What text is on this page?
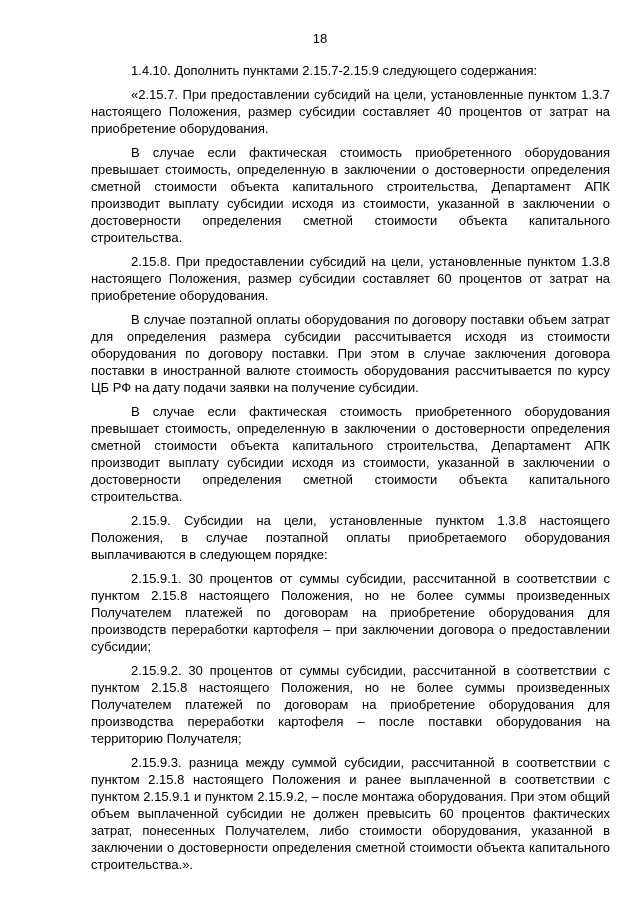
18

1.4.10. Дополнить пунктами 2.15.7-2.15.9 следующего содержания:

«2.15.7. При предоставлении субсидий на цели, установленные пунктом 1.3.7 настоящего Положения, размер субсидии составляет 40 процентов от затрат на приобретение оборудования.

В случае если фактическая стоимость приобретенного оборудования превышает стоимость, определенную в заключении о достоверности определения сметной стоимости объекта капитального строительства, Департамент АПК производит выплату субсидии исходя из стоимости, указанной в заключении о достоверности определения сметной стоимости объекта капитального строительства.

2.15.8. При предоставлении субсидий на цели, установленные пунктом 1.3.8 настоящего Положения, размер субсидии составляет 60 процентов от затрат на приобретение оборудования.

В случае поэтапной оплаты оборудования по договору поставки объем затрат для определения размера субсидии рассчитывается исходя из стоимости оборудования по договору поставки. При этом в случае заключения договора поставки в иностранной валюте стоимость оборудования рассчитывается по курсу ЦБ РФ на дату подачи заявки на получение субсидии.

В случае если фактическая стоимость приобретенного оборудования превышает стоимость, определенную в заключении о достоверности определения сметной стоимости объекта капитального строительства, Департамент АПК производит выплату субсидии исходя из стоимости, указанной в заключении о достоверности определения сметной стоимости объекта капитального строительства.

2.15.9. Субсидии на цели, установленные пунктом 1.3.8 настоящего Положения, в случае поэтапной оплаты приобретаемого оборудования выплачиваются в следующем порядке:

2.15.9.1. 30 процентов от суммы субсидии, рассчитанной в соответствии с пунктом 2.15.8 настоящего Положения, но не более суммы произведенных Получателем платежей по договорам на приобретение оборудования для производств переработки картофеля – при заключении договора о предоставлении субсидии;

2.15.9.2. 30 процентов от суммы субсидии, рассчитанной в соответствии с пунктом 2.15.8 настоящего Положения, но не более суммы произведенных Получателем платежей по договорам на приобретение оборудования для производства переработки картофеля – после поставки оборудования на территорию Получателя;

2.15.9.3. разница между суммой субсидии, рассчитанной в соответствии с пунктом 2.15.8 настоящего Положения и ранее выплаченной в соответствии с пунктом 2.15.9.1 и пунктом 2.15.9.2, – после монтажа оборудования. При этом общий объем выплаченной субсидии не должен превысить 60 процентов фактических затрат, понесенных Получателем, либо стоимости оборудования, указанной в заключении о достоверности определения сметной стоимости объекта капитального строительства.».
